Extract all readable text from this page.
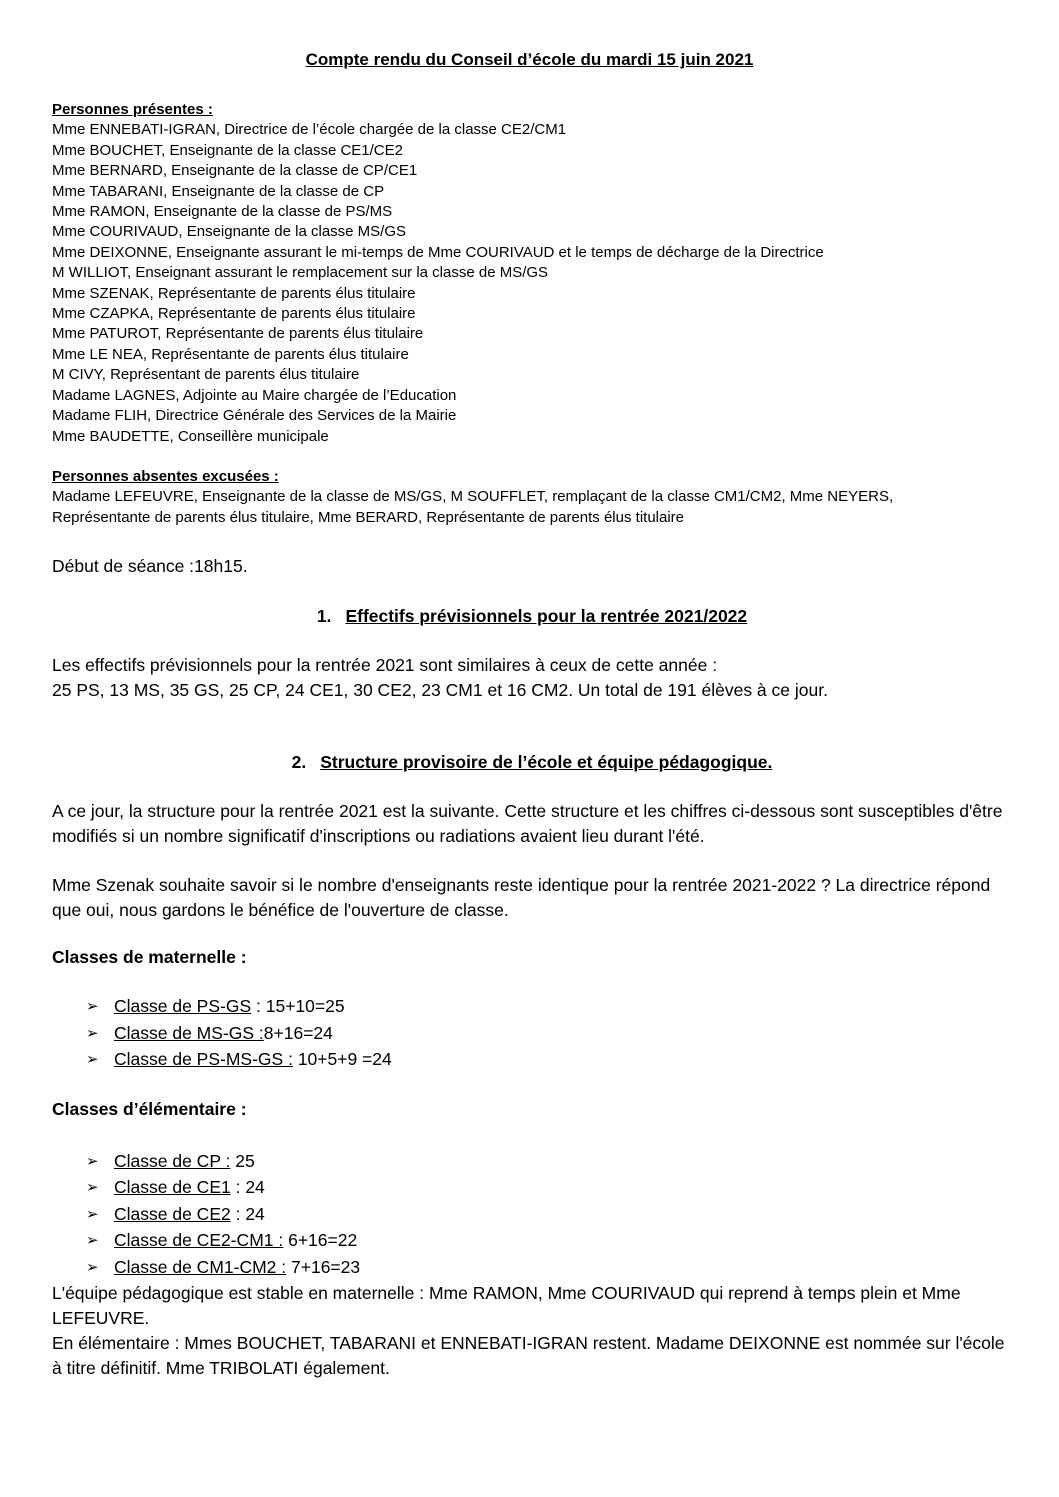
Compte rendu du Conseil d’école du mardi 15 juin 2021
Personnes présentes :
Mme ENNEBATI-IGRAN, Directrice de l’école chargée de la classe CE2/CM1
Mme BOUCHET, Enseignante de la classe CE1/CE2
Mme BERNARD, Enseignante de la classe de CP/CE1
Mme TABARANI, Enseignante de la classe de CP
Mme RAMON, Enseignante de la classe de PS/MS
Mme COURIVAUD, Enseignante de la classe MS/GS
Mme DEIXONNE, Enseignante assurant le mi-temps de Mme COURIVAUD et le temps de décharge de la Directrice
M WILLIOT, Enseignant assurant le remplacement sur la classe de MS/GS
Mme SZENAK, Représentante de parents élus titulaire
Mme CZAPKA, Représentante de parents élus titulaire
Mme PATUROT, Représentante de parents élus titulaire
Mme LE NEA, Représentante de parents élus titulaire
M CIVY, Représentant de parents élus titulaire
Madame LAGNES, Adjointe au Maire chargée de l’Education
Madame FLIH, Directrice Générale des Services de la Mairie
Mme BAUDETTE, Conseillère municipale
Personnes absentes excusées :

Madame LEFEUVRE, Enseignante de la classe de MS/GS, M SOUFFLET, remplaçant de la classe CM1/CM2, Mme NEYERS, Représentante de parents élus titulaire, Mme BERARD, Représentante de parents élus titulaire

Début de séance :18h15.

1. Effectifs prévisionnels pour la rentrée 2021/2022

Les effectifs prévisionnels pour la rentrée 2021 sont similaires à ceux de cette année :

25 PS, 13 MS, 35 GS, 25 CP, 24 CE1, 30 CE2, 23 CM1 et 16 CM2. Un total de 191 élèves à ce jour.

2. Structure provisoire de l’école et équipe pédagogique.

A ce jour, la structure pour la rentrée 2021 est la suivante. Cette structure et les chiffres ci-dessous sont susceptibles d'être modifiés si un nombre significatif d'inscriptions ou radiations avaient lieu durant l'été.

Mme Szenak souhaite savoir si le nombre d'enseignants reste identique pour la rentrée 2021-2022 ? La directrice répond que oui, nous gardons le bénéfice de l'ouverture de classe.

Classes de maternelle :

➢ Classe de PS-GS : 15+10=25
➢ Classe de MS-GS :8+16=24
➢ Classe de PS-MS-GS : 10+5+9 =24

Classes d’élémentaire :

➢ Classe de CP : 25
➢ Classe de CE1 : 24
➢ Classe de CE2 : 24
➢ Classe de CE2-CM1 : 6+16=22
➢ Classe de CM1-CM2 : 7+16=23

L'équipe pédagogique est stable en maternelle : Mme RAMON, Mme COURIVAUD qui reprend à temps plein et Mme LEFEUVRE.

En élémentaire : Mmes BOUCHET, TABARANI et ENNEBATI-IGRAN restent. Madame DEIXONNE est nommée sur l'école à titre définitif. Mme TRIBOLATI également.
